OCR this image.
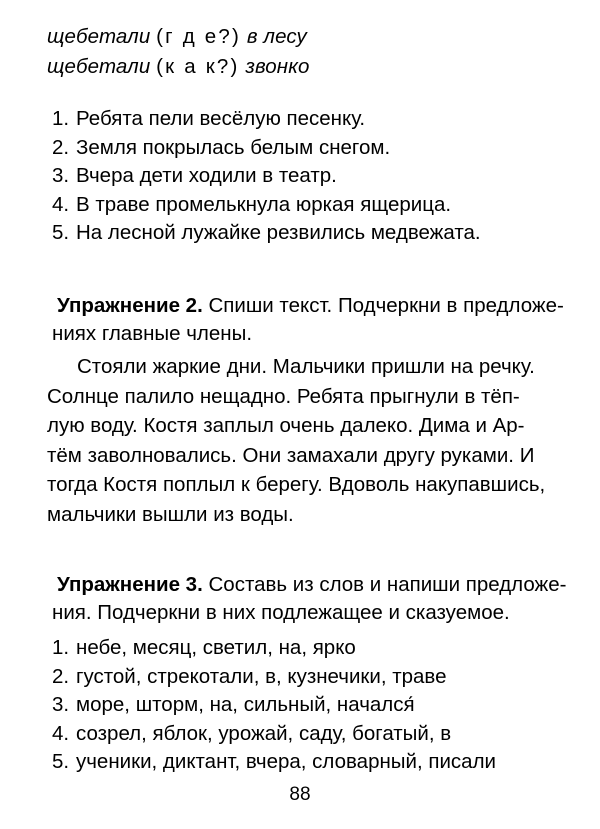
щебетали (г д е?) в лесу
щебетали (к а к?) звонко
1. Ребята пели весёлую песенку.
2. Земля покрылась белым снегом.
3. Вчера дети ходили в театр.
4. В траве промелькнула юркая ящерица.
5. На лесной лужайке резвились медвежата.

Упражнение 2. Спиши текст. Подчеркни в предложе-
ниях главные члены.

Стояли жаркие дни. Мальчики пришли на речку.
Солнце палило нещадно. Ребята прыгнули в тёп-
лую воду. Костя заплыл очень далеко. Дима и Ар-
тём заволновались. Они замахали другу руками. И
тогда Костя поплыл к берегу. Вдоволь накупавшись,
мальчики вышли из воды.

Упражнение 3. Составь из слов и напиши предложе-
ния. Подчеркни в них подлежащее и сказуемое.

1. небе, месяц, светил, на, ярко
2. густой, стрекотали, в, кузнечики, траве
3. море, шторм, на, сильный, начался́
4. созрел, яблок, урожай, саду, богатый, в
5. ученики, диктант, вчера, словарный, писали
88
